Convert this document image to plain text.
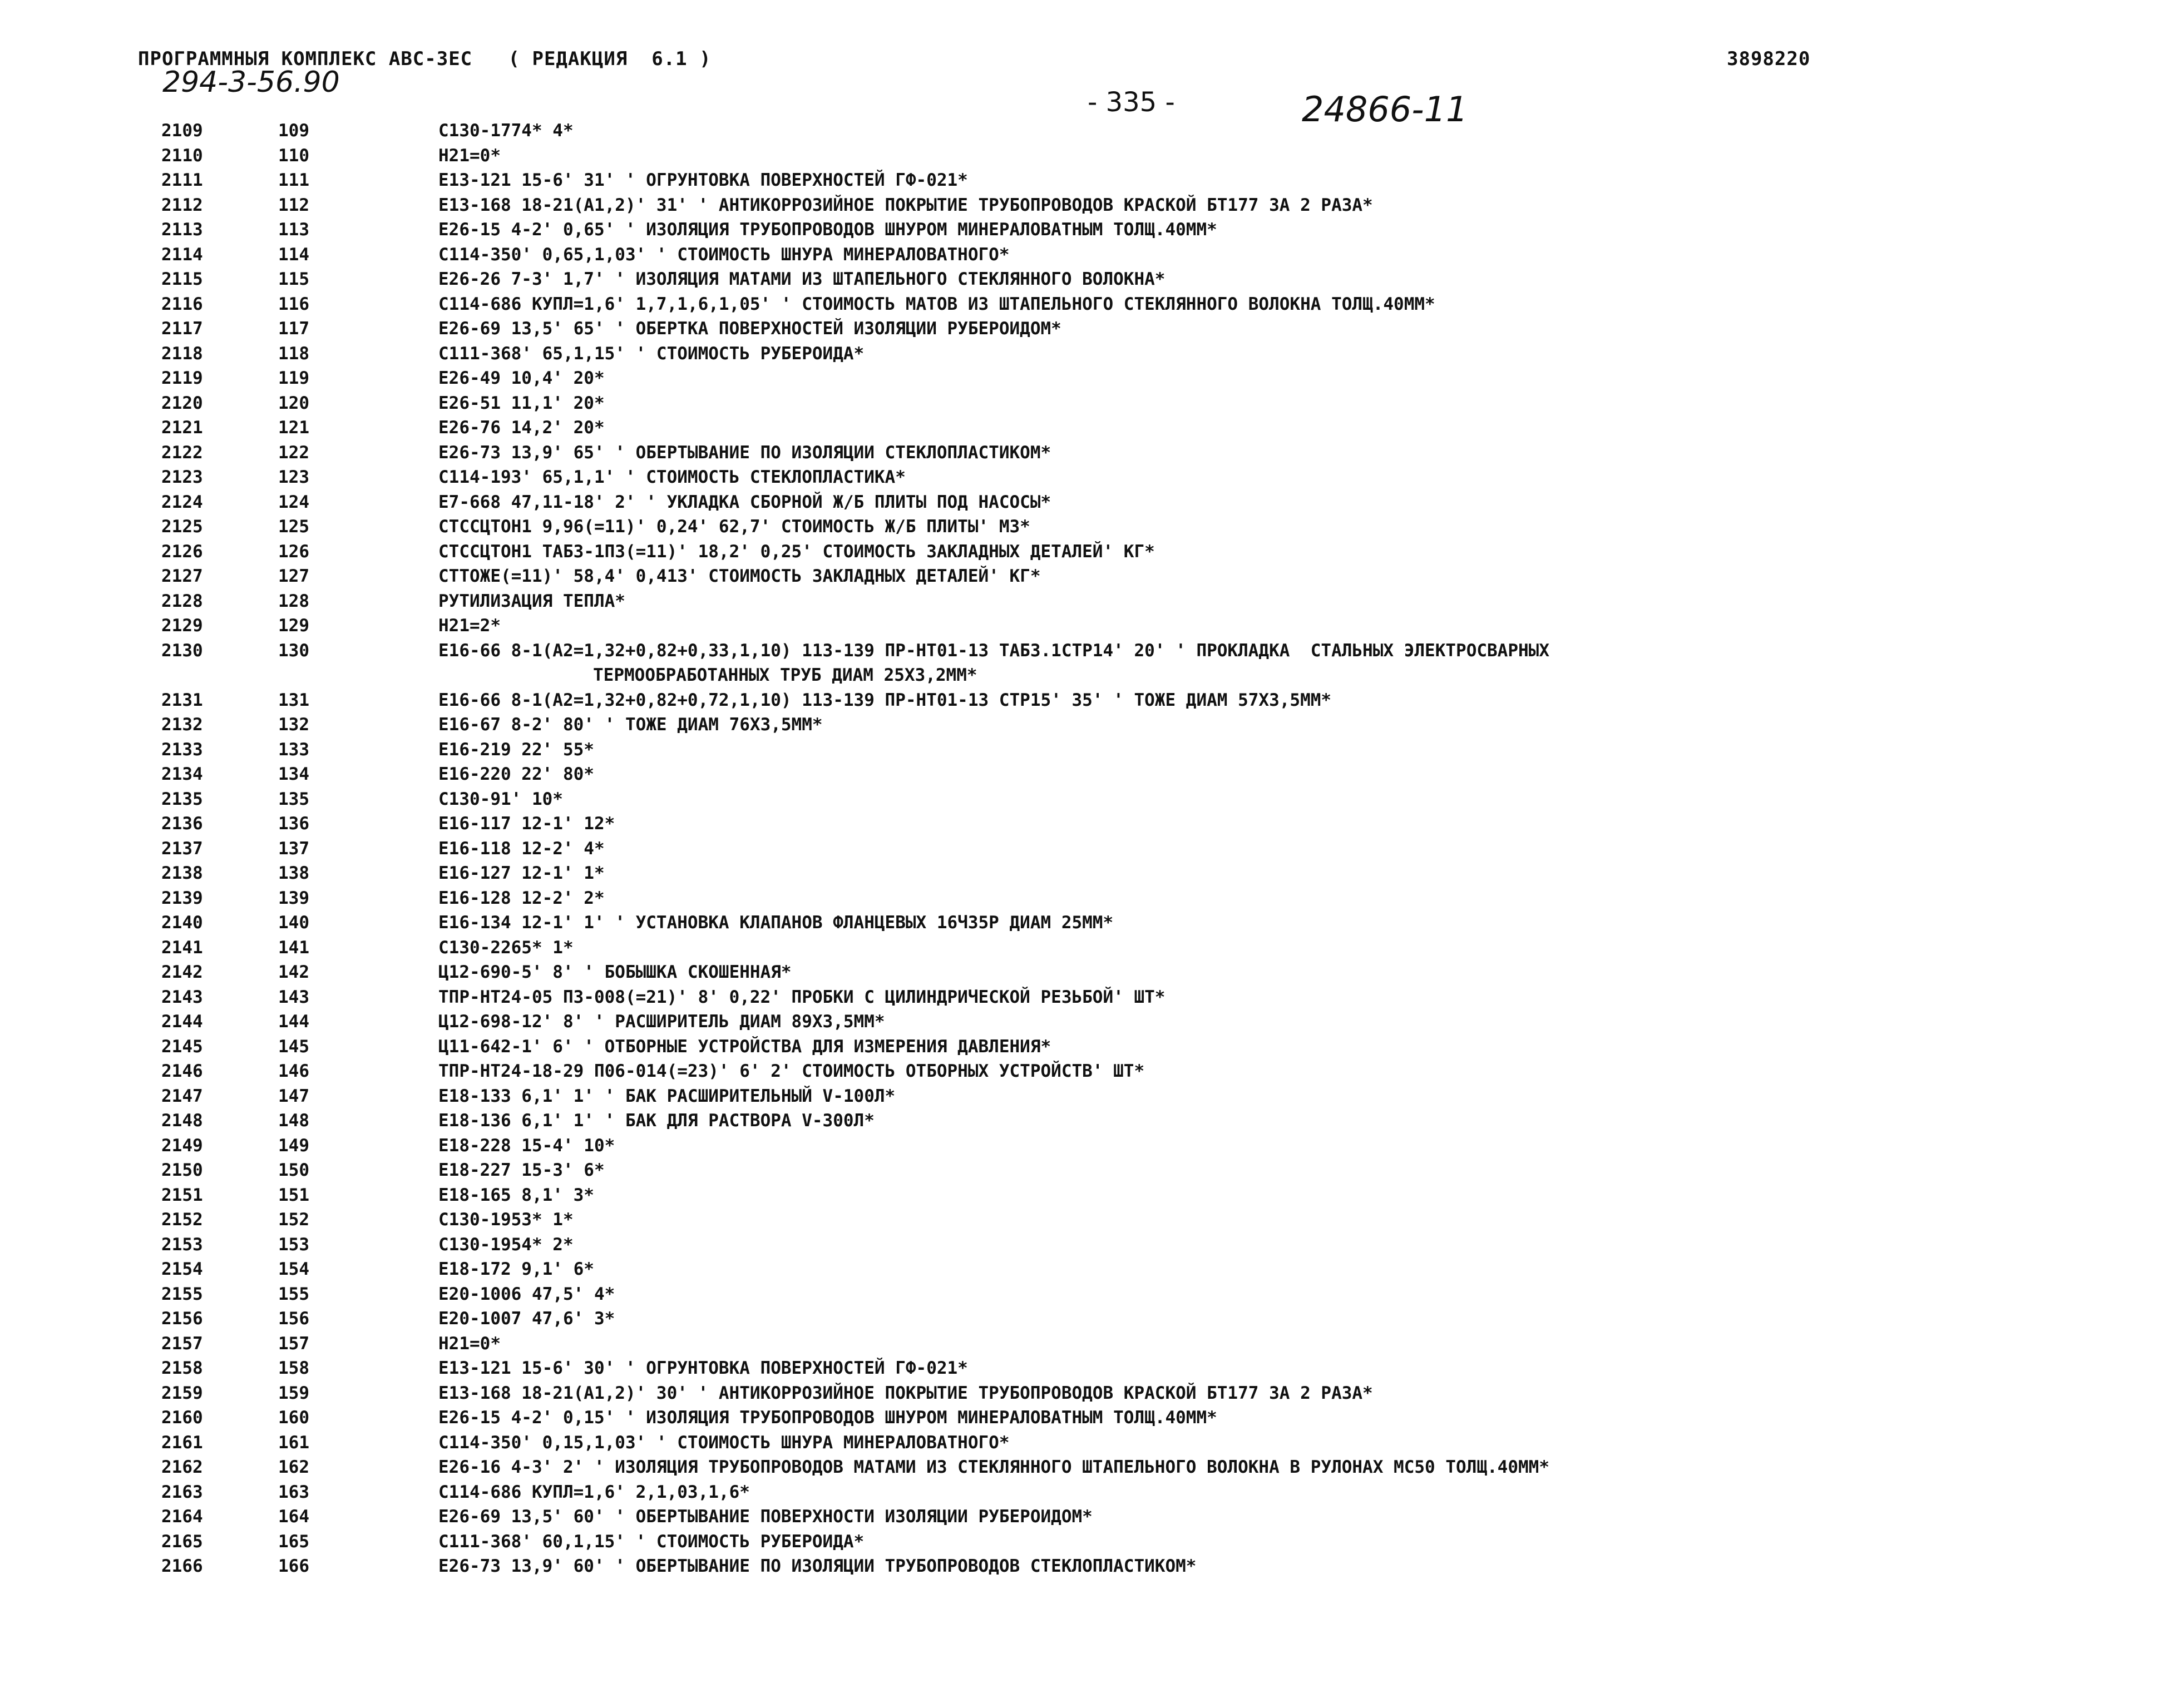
ПРОГРАММНЫЯ КОМПЛЕКС АВС-ЗЕС   ( РЕДАКЦИЯ  6.1 )	3898220
294-3-56.90
- 335 -	24866-11
2109	109	С130-1774* 4*
2110	110	Н21=0*
2111	111	Е13-121 15-6' 31' ' ОГРУНТОВКА ПОВЕРХНОСТЕЙ ГФ-021*
2112	112	Е13-168 18-21(А1,2)' 31' ' АНТИКОРРОЗИЙНОЕ ПОКРЫТИЕ ТРУБОПРОВОДОВ КРАСКОЙ БТ177 ЗА 2 РАЗА*
2113	113	Е26-15 4-2' 0,65' ' ИЗОЛЯЦИЯ ТРУБОПРОВОДОВ ШНУРОМ МИНЕРАЛОВАТНЫМ ТОЛЩ.40ММ*
2114	114	С114-350' 0,65,1,03' ' СТОИМОСТЬ ШНУРА МИНЕРАЛОВАТНОГО*
2115	115	Е26-26 7-3' 1,7' ' ИЗОЛЯЦИЯ МАТАМИ ИЗ ШТАПЕЛЬНОГО СТЕКЛЯННОГО ВОЛОКНА*
2116	116	С114-686 КУПЛ=1,6' 1,7,1,6,1,05' ' СТОИМОСТЬ МАТОВ ИЗ ШТАПЕЛЬНОГО СТЕКЛЯННОГО ВОЛОКНА ТОЛЩ.40ММ*
2117	117	Е26-69 13,5' 65' ' ОБЕРТКА ПОВЕРХНОСТЕЙ ИЗОЛЯЦИИ РУБЕРОИДОМ*
2118	118	С111-368' 65,1,15' ' СТОИМОСТЬ РУБЕРОИДА*
2119	119	Е26-49 10,4' 20*
2120	120	Е26-51 11,1' 20*
2121	121	Е26-76 14,2' 20*
2122	122	Е26-73 13,9' 65' ' ОБЕРТЫВАНИЕ ПО ИЗОЛЯЦИИ СТЕКЛОПЛАСТИКОМ*
2123	123	С114-193' 65,1,1' ' СТОИМОСТЬ СТЕКЛОПЛАСТИКА*
2124	124	Е7-668 47,11-18' 2' ' УКЛАДКА СБОРНОЙ Ж/Б ПЛИТЫ ПОД НАСОСЫ*
2125	125	СТССЦТОН1 9,96(=11)' 0,24' 62,7' СТОИМОСТЬ Ж/Б ПЛИТЫ' М3*
2126	126	СТССЦТОН1 ТАБ3-1П3(=11)' 18,2' 0,25' СТОИМОСТЬ ЗАКЛАДНЫХ ДЕТАЛЕЙ' КГ*
2127	127	СТТОЖЕ(=11)' 58,4' 0,413' СТОИМОСТЬ ЗАКЛАДНЫХ ДЕТАЛЕЙ' КГ*
2128	128	РУТИЛИЗАЦИЯ ТЕПЛА*
2129	129	Н21=2*
2130	130	Е16-66 8-1(А2=1,32+0,82+0,33,1,10) 113-139 ПР-НТ01-13 ТАБ3.1СТР14' 20' ' ПРОКЛАДКА  СТАЛЬНЫХ ЭЛЕКТРОСВАРНЫХ
ТЕРМООБРАБОТАННЫХ ТРУБ ДИАМ 25Х3,2ММ*
2131	131	Е16-66 8-1(А2=1,32+0,82+0,72,1,10) 113-139 ПР-НТ01-13 СТР15' 35' ' ТОЖЕ ДИАМ 57Х3,5ММ*
2132	132	Е16-67 8-2' 80' ' ТОЖЕ ДИАМ 76Х3,5ММ*
2133	133	Е16-219 22' 55*
2134	134	Е16-220 22' 80*
2135	135	С130-91' 10*
2136	136	Е16-117 12-1' 12*
2137	137	Е16-118 12-2' 4*
2138	138	Е16-127 12-1' 1*
2139	139	Е16-128 12-2' 2*
2140	140	Е16-134 12-1' 1' ' УСТАНОВКА КЛАПАНОВ ФЛАНЦЕВЫХ 16Ч35Р ДИАМ 25ММ*
2141	141	С130-2265* 1*
2142	142	Ц12-690-5' 8' ' БОБЫШКА СКОШЕННАЯ*
2143	143	ТПР-НТ24-05 П3-008(=21)' 8' 0,22' ПРОБКИ С ЦИЛИНДРИЧЕСКОЙ РЕЗЬБОЙ' ШТ*
2144	144	Ц12-698-12' 8' ' РАСШИРИТЕЛЬ ДИАМ 89Х3,5ММ*
2145	145	Ц11-642-1' 6' ' ОТБОРНЫЕ УСТРОЙСТВА ДЛЯ ИЗМЕРЕНИЯ ДАВЛЕНИЯ*
2146	146	ТПР-НТ24-18-29 П06-014(=23)' 6' 2' СТОИМОСТЬ ОТБОРНЫХ УСТРОЙСТВ' ШТ*
2147	147	Е18-133 6,1' 1' ' БАК РАСШИРИТЕЛЬНЫЙ V-100Л*
2148	148	Е18-136 6,1' 1' ' БАК ДЛЯ РАСТВОРА V-300Л*
2149	149	Е18-228 15-4' 10*
2150	150	Е18-227 15-3' 6*
2151	151	Е18-165 8,1' 3*
2152	152	С130-1953* 1*
2153	153	С130-1954* 2*
2154	154	Е18-172 9,1' 6*
2155	155	Е20-1006 47,5' 4*
2156	156	Е20-1007 47,6' 3*
2157	157	Н21=0*
2158	158	Е13-121 15-6' 30' ' ОГРУНТОВКА ПОВЕРХНОСТЕЙ ГФ-021*
2159	159	Е13-168 18-21(А1,2)' 30' ' АНТИКОРРОЗИЙНОЕ ПОКРЫТИЕ ТРУБОПРОВОДОВ КРАСКОЙ БТ177 ЗА 2 РАЗА*
2160	160	Е26-15 4-2' 0,15' ' ИЗОЛЯЦИЯ ТРУБОПРОВОДОВ ШНУРОМ МИНЕРАЛОВАТНЫМ ТОЛЩ.40ММ*
2161	161	С114-350' 0,15,1,03' ' СТОИМОСТЬ ШНУРА МИНЕРАЛОВАТНОГО*
2162	162	Е26-16 4-3' 2' ' ИЗОЛЯЦИЯ ТРУБОПРОВОДОВ МАТАМИ ИЗ СТЕКЛЯННОГО ШТАПЕЛЬНОГО ВОЛОКНА В РУЛОНАХ МС50 ТОЛЩ.40ММ*
2163	163	С114-686 КУПЛ=1,6' 2,1,03,1,6*
2164	164	Е26-69 13,5' 60' ' ОБЕРТЫВАНИЕ ПОВЕРХНОСТИ ИЗОЛЯЦИИ РУБЕРОИДОМ*
2165	165	С111-368' 60,1,15' ' СТОИМОСТЬ РУБЕРОИДА*
2166	166	Е26-73 13,9' 60' ' ОБЕРТЫВАНИЕ ПО ИЗОЛЯЦИИ ТРУБОПРОВОДОВ СТЕКЛОПЛАСТИКОМ*
